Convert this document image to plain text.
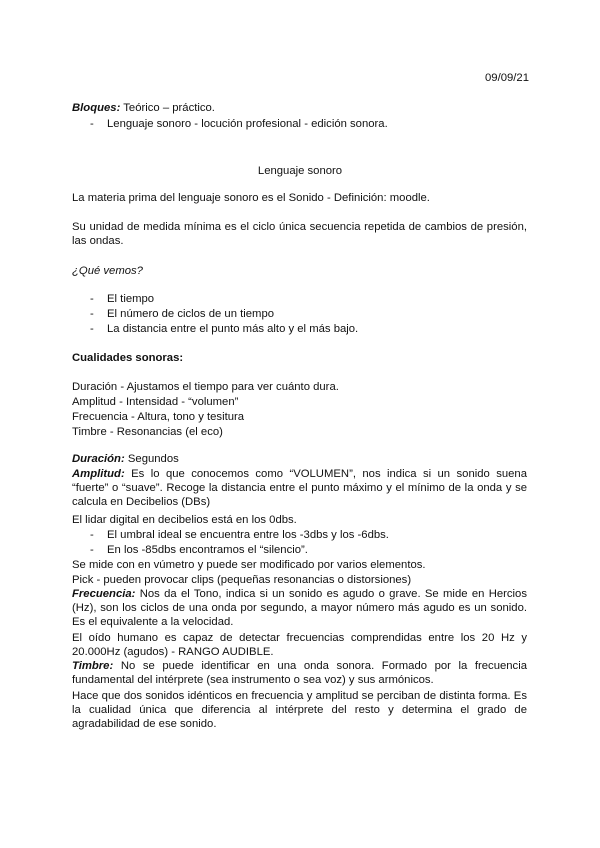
09/09/21
Bloques: Teórico – práctico.
- Lenguaje sonoro - locución profesional - edición sonora.
Lenguaje sonoro
La materia prima del lenguaje sonoro es el Sonido - Definición: moodle.
Su unidad de medida mínima es el ciclo única secuencia repetida de cambios de presión, las ondas.
¿Qué vemos?
- El tiempo
- El número de ciclos de un tiempo
- La distancia entre el punto más alto y el más bajo.
Cualidades sonoras:
Duración - Ajustamos el tiempo para ver cuánto dura.
Amplitud - Intensidad - “volumen”
Frecuencia - Altura, tono y tesitura
Timbre - Resonancias (el eco)
Duración: Segundos
Amplitud: Es lo que conocemos como “VOLUMEN”, nos indica si un sonido suena “fuerte” o “suave”. Recoge la distancia entre el punto máximo y el mínimo de la onda y se calcula en Decibelios (DBs)
El lidar digital en decibelios está en los 0dbs.
- El umbral ideal se encuentra entre los -3dbs y los -6dbs.
- En los -85dbs encontramos el “silencio”.
Se mide con en vúmetro y puede ser modificado por varios elementos.
Pick - pueden provocar clips (pequeñas resonancias o distorsiones)
Frecuencia: Nos da el Tono, indica si un sonido es agudo o grave. Se mide en Hercios (Hz), son los ciclos de una onda por segundo, a mayor número más agudo es un sonido. Es el equivalente a la velocidad.
El oído humano es capaz de detectar frecuencias comprendidas entre los 20 Hz y 20.000Hz (agudos) - RANGO AUDIBLE.
Timbre: No se puede identificar en una onda sonora. Formado por la frecuencia fundamental del intérprete (sea instrumento o sea voz) y sus armónicos.
Hace que dos sonidos idénticos en frecuencia y amplitud se perciban de distinta forma. Es la cualidad única que diferencia al intérprete del resto y determina el grado de agradabilidad de ese sonido.
